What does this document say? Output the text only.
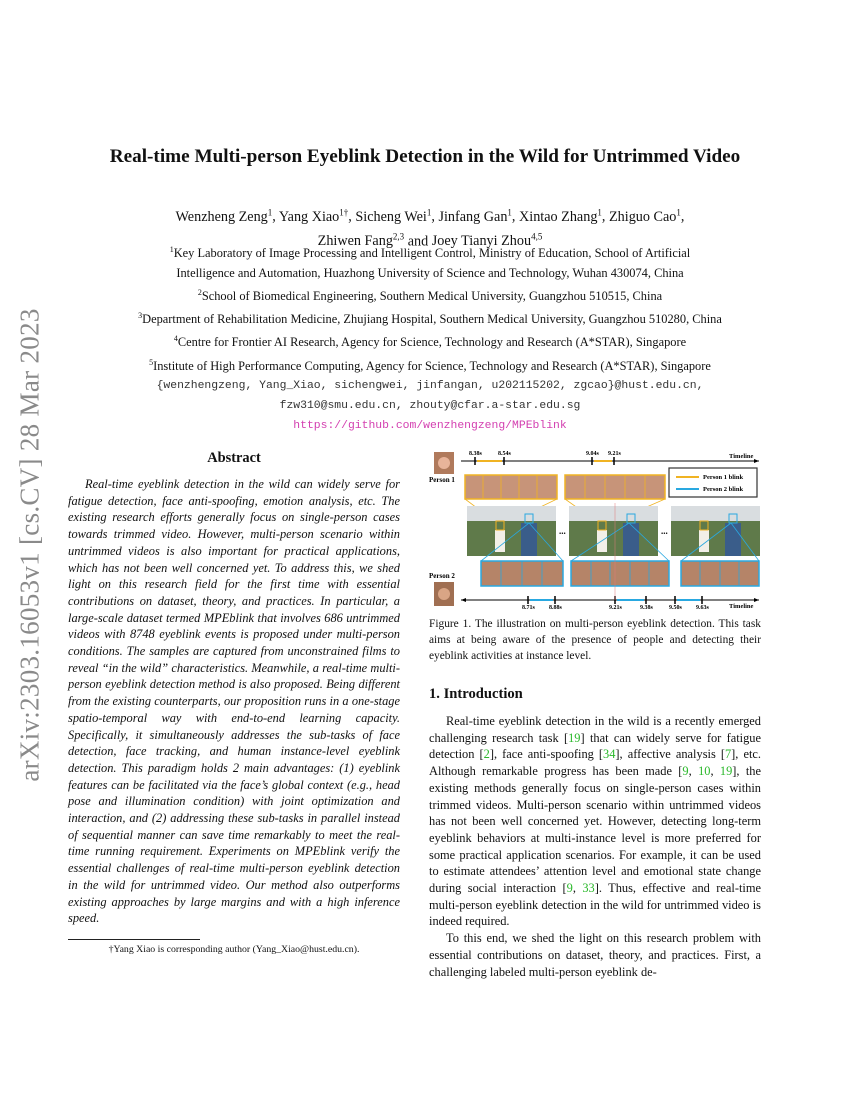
arXiv:2303.16053v1 [cs.CV] 28 Mar 2023
Real-time Multi-person Eyeblink Detection in the Wild for Untrimmed Video
Wenzheng Zeng$^1$, Yang Xiao$^{1\dagger}$, Sicheng Wei$^1$, Jinfang Gan$^1$, Xintao Zhang$^1$, Zhiguo Cao$^1$,
Zhiwen Fang$^{2,3}$ and Joey Tianyi Zhou$^{4,5}$
$^1$Key Laboratory of Image Processing and Intelligent Control, Ministry of Education, School of Artificial
Intelligence and Automation, Huazhong University of Science and Technology, Wuhan 430074, China
$^2$School of Biomedical Engineering, Southern Medical University, Guangzhou 510515, China
$^3$Department of Rehabilitation Medicine, Zhujiang Hospital, Southern Medical University, Guangzhou 510280, China
$^4$Centre for Frontier AI Research, Agency for Science, Technology and Research (A*STAR), Singapore
$^5$Institute of High Performance Computing, Agency for Science, Technology and Research (A*STAR), Singapore
{wenzhengzeng, Yang_Xiao, sichengwei, jinfangan, u202115202, zgcao}@hust.edu.cn,
fzw310@smu.edu.cn, zhouty@cfar.a-star.edu.sg
https://github.com/wenzhengzeng/MPEblink
Abstract
Real-time eyeblink detection in the wild can widely serve for fatigue detection, face anti-spoofing, emotion analysis, etc. The existing research efforts generally focus on single-person cases towards trimmed video. However, multi-person scenario within untrimmed videos is also important for practical applications, which has not been well concerned yet. To address this, we shed light on this research field for the first time with essential contributions on dataset, theory, and practices. In particular, a large-scale dataset termed MPEblink that involves 686 untrimmed videos with 8748 eyeblink events is proposed under multi-person conditions. The samples are captured from unconstrained films to reveal “in the wild” characteristics. Meanwhile, a real-time multi-person eyeblink detection method is also proposed. Being different from the existing counterparts, our proposition runs in a one-stage spatio-temporal way with end-to-end learning capacity. Specifically, it simultaneously addresses the sub-tasks of face detection, face tracking, and human instance-level eyeblink detection. This paradigm holds 2 main advantages: (1) eyeblink features can be facilitated via the face’s global context (e.g., head pose and illumination condition) with joint optimization and interaction, and (2) addressing these sub-tasks in parallel instead of sequential manner can save time remarkably to meet the real-time running requirement. Experiments on MPEblink verify the essential challenges of real-time multi-person eyeblink detection in the wild for untrimmed video. Our method also outperforms existing approaches by large margins and with a high inference speed.
†Yang Xiao is corresponding author (Yang_Xiao@hust.edu.cn).
Person 1
Timeline
8.38s	8.54s	9.04s 9.21s
Person 1 blink
Person 2 blink
...	...
Person 2
Timeline
8.71s 8.88s	9.21s	9.38s	9.50s 9.63s
Figure 1. The illustration on multi-person eyeblink detection. This task aims at being aware of the presence of people and detecting their eyeblink activities at instance level.
1. Introduction

Real-time eyeblink detection in the wild is a recently emerged challenging research task [19] that can widely serve for fatigue detection [2], face anti-spoofing [34], affective analysis [7], etc. Although remarkable progress has been made [9, 10, 19], the existing methods generally focus on single-person cases within trimmed videos. Multi-person scenario within untrimmed videos has not been well concerned yet. However, detecting long-term eyeblink behaviors at multi-instance level is more preferred for some practical application scenarios. For example, it can be used to estimate attendees’ attention level and emotional state change during social interaction [9, 33]. Thus, effective and real-time multi-person eyeblink detection in the wild for untrimmed video is indeed required.

To this end, we shed the light on this research problem with essential contributions on dataset, theory, and practices. First, a challenging labeled multi-person eyeblink de-
